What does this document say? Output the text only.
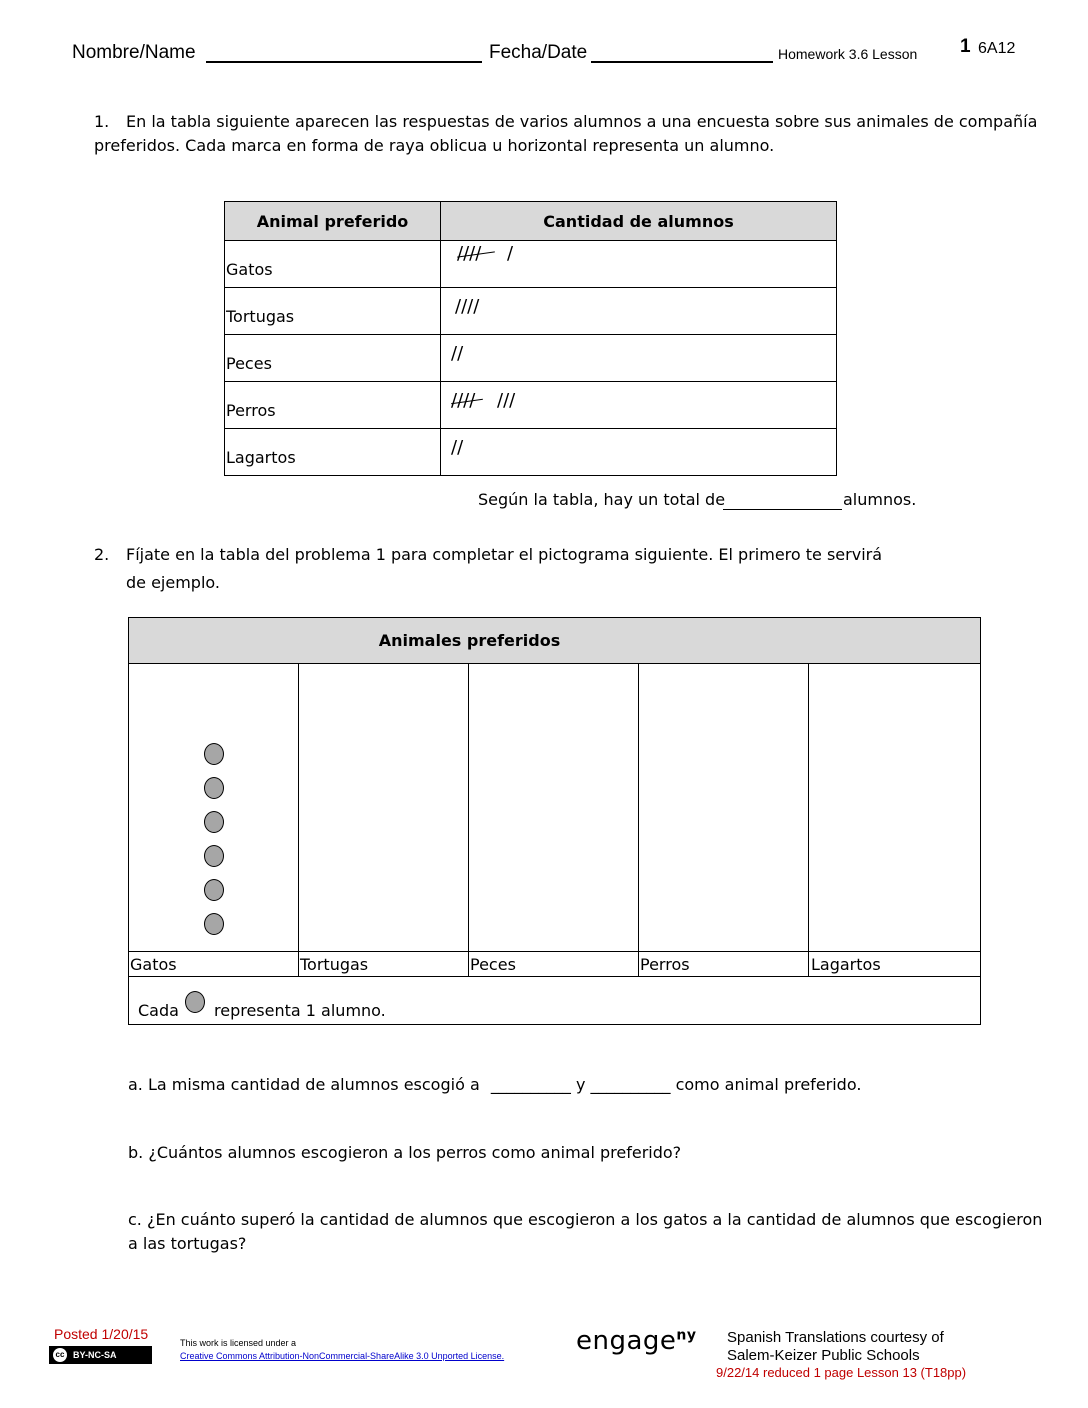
Nombre/Name	Fecha/Date	Homework 3.6 Lesson 1 6A12
1. En la tabla siguiente aparecen las respuestas de varios alumnos a una encuesta sobre sus animales de compañía
preferidos. Cada marca en forma de raya oblicua u horizontal representa un alumno.
Animal preferido	Cantidad de alumnos
Gatos	//// /

Tortugas	////

Peces	//

Perros	//// ///

Lagartos	//
Según la tabla, hay un total de	alumnos.
2. Fíjate en la tabla del problema 1 para completar el pictograma siguiente. El primero te servirá
de ejemplo.
Animales preferidos
Gatos	Tortugas	Peces	Perros	Lagartos
Cada representa 1 alumno.
a. La misma cantidad de alumnos escogió a __________ y __________ como animal preferido.
b. ¿Cuántos alumnos escogieron a los perros como animal preferido?
c. ¿En cuánto superó la cantidad de alumnos que escogieron a los gatos a la cantidad de alumnos que escogieron
a las tortugas?
Posted 1/20/15
cc BY-NC-SA
This work is licensed under a
Creative Commons Attribution-NonCommercial-ShareAlike 3.0 Unported License.	engage$^{ny}$ Spanish Translations courtesy of
Salem-Keizer Public Schools
9/22/14 reduced 1 page Lesson 13 (T18pp)
